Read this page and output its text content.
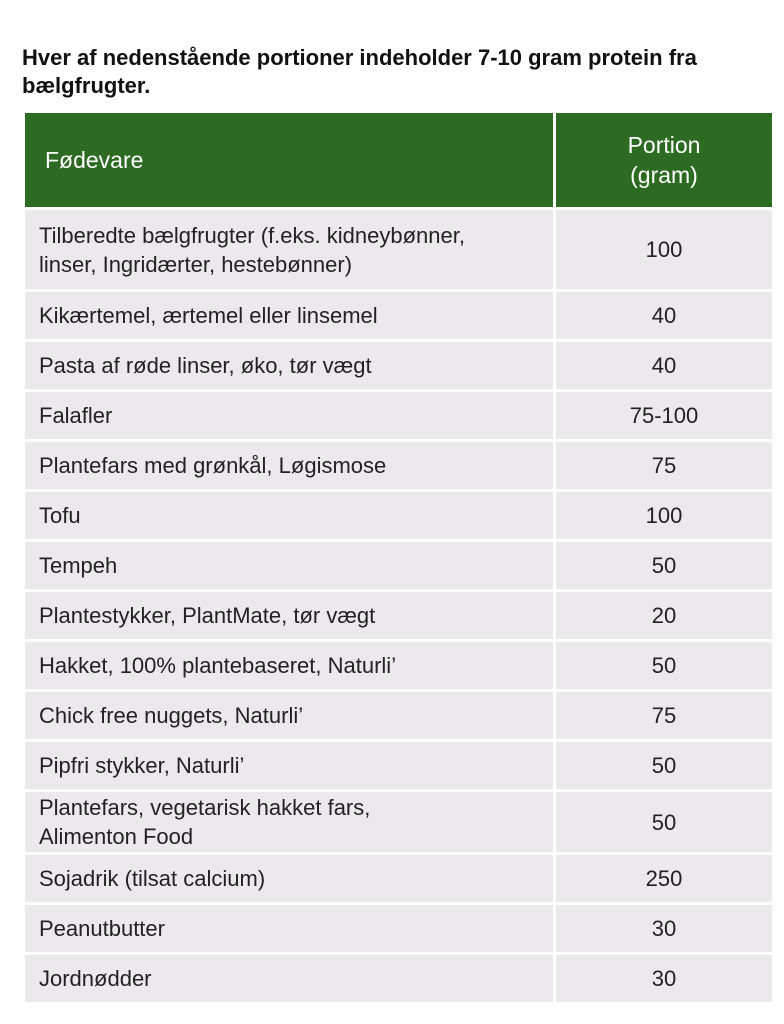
Hver af nedenstående portioner indeholder 7-10 gram protein fra bælgfrugter.
Fødevare	Portion
(gram)
Tilberedte bælgfrugter (f.eks. kidneybønner,
linser, Ingridærter, hestebønner)	100
Kikærtemel, ærtemel eller linsemel	40
Pasta af røde linser, øko, tør vægt	40
Falafler	75-100
Plantefars med grønkål, Løgismose	75
Tofu	100
Tempeh	50
Plantestykker, PlantMate, tør vægt	20
Hakket, 100% plantebaseret, Naturli’	50
Chick free nuggets, Naturli’	75
Pipfri stykker, Naturli’	50
Plantefars, vegetarisk hakket fars,
Alimenton Food	50
Sojadrik (tilsat calcium)	250
Peanutbutter	30
Jordnødder	30
